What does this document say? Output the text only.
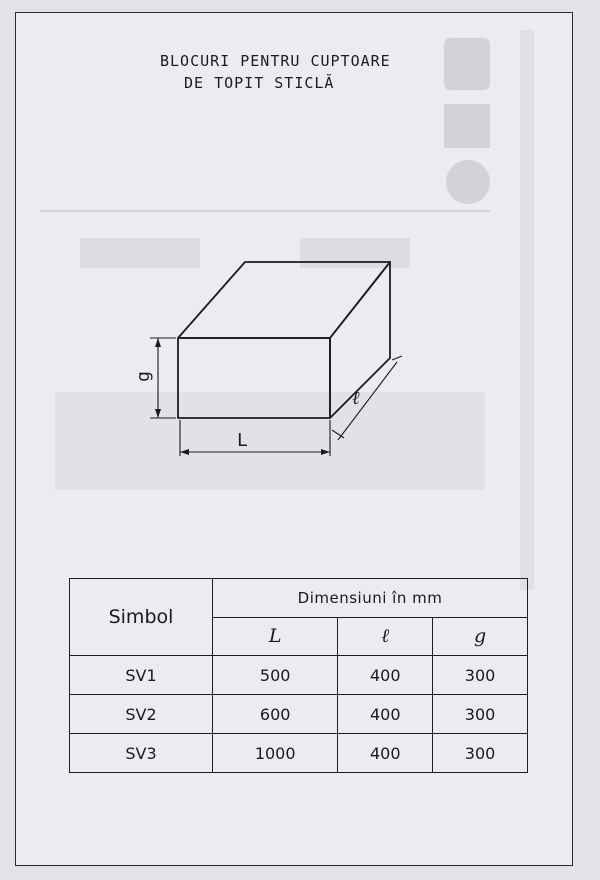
BLOCURI PENTRU CUPTOARE
DE TOPIT STICLĂ
g
ℓ
L
Simbol	Dimensiuni în mm		
	L	ℓ	g
SV1	500	400	300
SV2	600	400	300
SV3	1000	400	300
